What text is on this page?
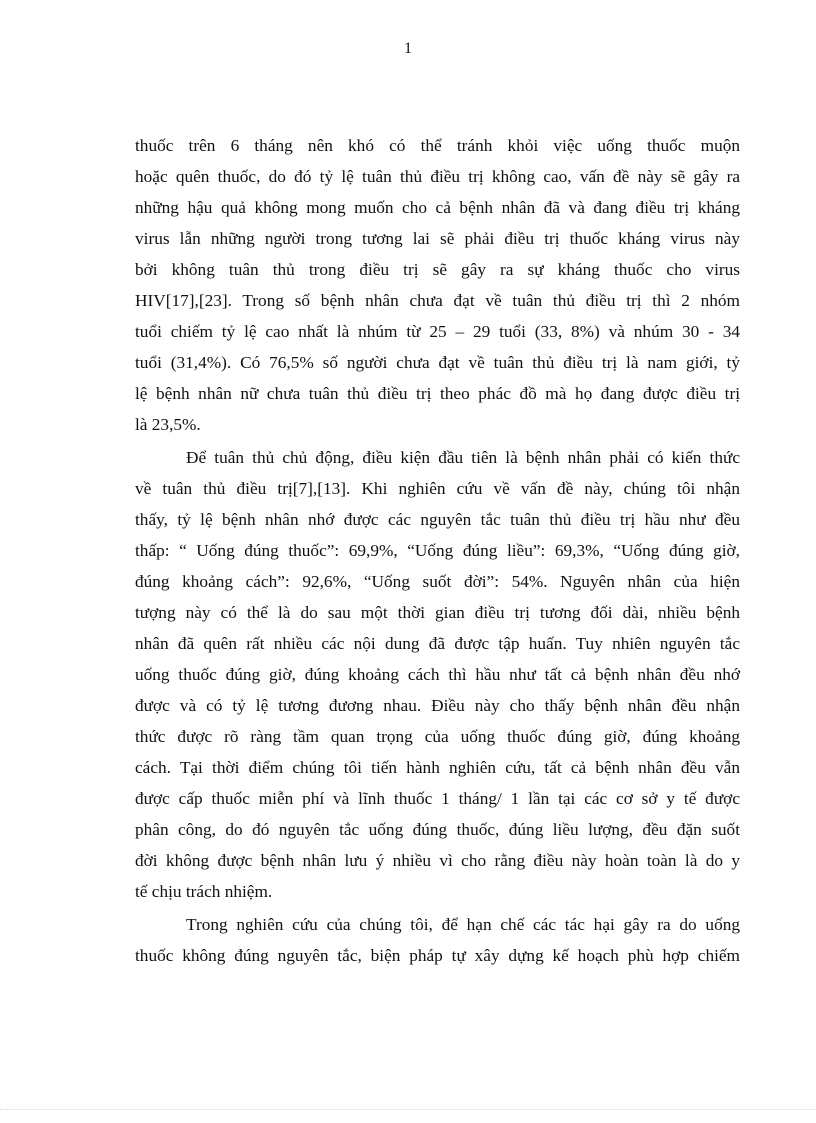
1
thuốc trên 6 tháng nên khó có thể tránh khỏi việc uống thuốc muộn
hoặc quên thuốc, do đó tỷ lệ tuân thủ điều trị không cao, vấn đề này sẽ gây ra
những hậu quả không mong muốn cho cả bệnh nhân đã và đang điều trị kháng
virus lẫn những người trong tương lai sẽ phải điều trị thuốc kháng virus này
bởi không tuân thủ trong điều trị sẽ gây ra sự kháng thuốc cho virus
HIV[17],[23]. Trong số bệnh nhân chưa đạt về tuân thủ điều trị thì 2 nhóm
tuổi chiếm tỷ lệ cao nhất là nhúm từ 25 – 29 tuổi (33, 8%) và nhúm 30 - 34
tuổi (31,4%). Có 76,5% số người chưa đạt về tuân thủ điều trị là nam giới, tỷ
lệ bệnh nhân nữ chưa tuân thủ điều trị theo phác đồ mà họ đang được điều trị
là 23,5%.
Để tuân thủ chủ động, điều kiện đầu tiên là bệnh nhân phải có kiến thức
về tuân thủ điều trị[7],[13]. Khi nghiên cứu về vấn đề này, chúng tôi nhận
thấy, tỷ lệ bệnh nhân nhớ được các nguyên tắc tuân thủ điều trị hầu như đều
thấp: “ Uống đúng thuốc”: 69,9%, “Uống đúng liều”: 69,3%, “Uống đúng giờ,
đúng khoảng cách”: 92,6%, “Uống suốt đời”: 54%. Nguyên nhân của hiện
tượng này có thể là do sau một thời gian điều trị tương đối dài, nhiều bệnh
nhân đã quên rất nhiều các nội dung đã được tập huấn. Tuy nhiên nguyên tắc
uống thuốc đúng giờ, đúng khoảng cách thì hầu như tất cả bệnh nhân đều nhớ
được và có tỷ lệ tương đương nhau. Điều này cho thấy bệnh nhân đều nhận
thức được rõ ràng tầm quan trọng của uống thuốc đúng giờ, đúng khoảng
cách. Tại thời điểm chúng tôi tiến hành nghiên cứu, tất cả bệnh nhân đều vẫn
được cấp thuốc miễn phí và lĩnh thuốc 1 tháng/ 1 lần tại các cơ sở y tế được
phân công, do đó nguyên tắc uống đúng thuốc, đúng liều lượng, đều đặn suốt
đời không được bệnh nhân lưu ý nhiều vì cho rằng điều này hoàn toàn là do y
tế chịu trách nhiệm.
Trong nghiên cứu của chúng tôi, để hạn chế các tác hại gây ra do uống
thuốc không đúng nguyên tắc, biện pháp tự xây dựng kế hoạch phù hợp chiếm
